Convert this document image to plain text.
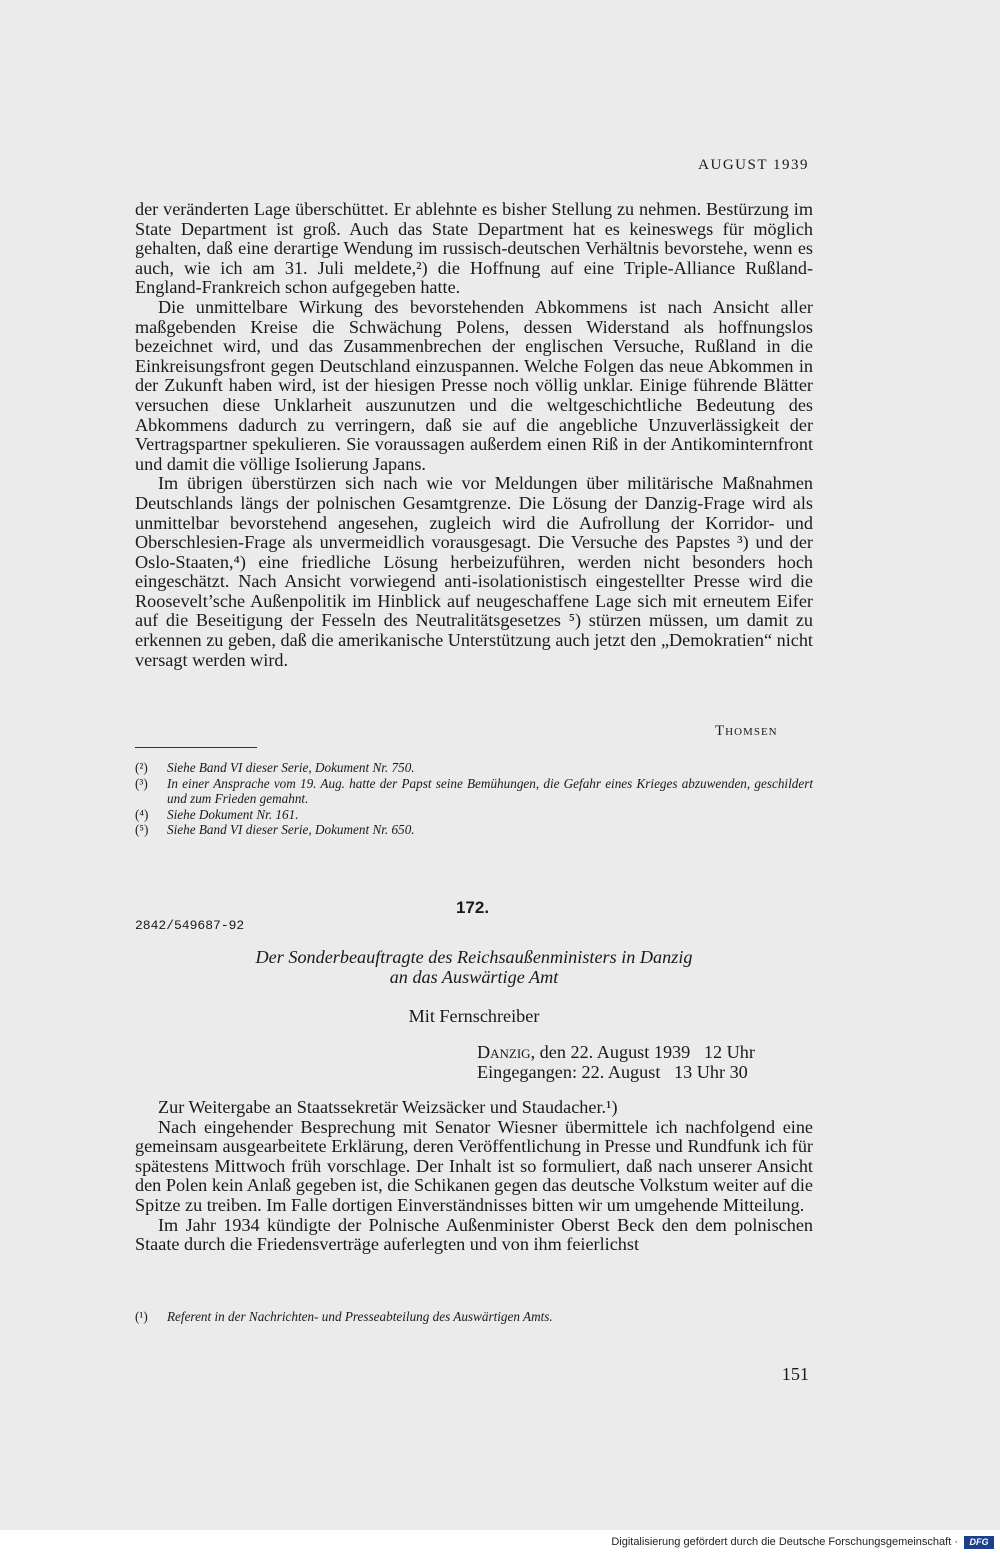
AUGUST 1939

der veränderten Lage überschüttet. Er ablehnte es bisher Stellung zu nehmen. Bestürzung im State Department ist groß. Auch das State Department hat es keineswegs für möglich gehalten, daß eine derartige Wendung im russisch-deutschen Verhältnis bevorstehe, wenn es auch, wie ich am 31. Juli meldete,²) die Hoffnung auf eine Triple-Alliance Rußland-England-Frankreich schon aufgegeben hatte.

Die unmittelbare Wirkung des bevorstehenden Abkommens ist nach Ansicht aller maßgebenden Kreise die Schwächung Polens, dessen Widerstand als hoffnungslos bezeichnet wird, und das Zusammenbrechen der englischen Versuche, Rußland in die Einkreisungsfront gegen Deutschland einzuspannen. Welche Folgen das neue Abkommen in der Zukunft haben wird, ist der hiesigen Presse noch völlig unklar. Einige führende Blätter versuchen diese Unklarheit auszunutzen und die weltgeschichtliche Bedeutung des Abkommens dadurch zu verringern, daß sie auf die angebliche Unzuverlässigkeit der Vertragspartner spekulieren. Sie voraussagen außerdem einen Riß in der Antikominternfront und damit die völlige Isolierung Japans.

Im übrigen überstürzen sich nach wie vor Meldungen über militärische Maßnahmen Deutschlands längs der polnischen Gesamtgrenze. Die Lösung der Danzig-Frage wird als unmittelbar bevorstehend angesehen, zugleich wird die Aufrollung der Korridor- und Oberschlesien-Frage als unvermeidlich vorausgesagt. Die Versuche des Papstes ³) und der Oslo-Staaten,⁴) eine friedliche Lösung herbeizuführen, werden nicht besonders hoch eingeschätzt. Nach Ansicht vorwiegend anti-isolationistisch eingestellter Presse wird die Roosevelt’sche Außenpolitik im Hinblick auf neugeschaffene Lage sich mit erneutem Eifer auf die Beseitigung der Fesseln des Neutralitätsgesetzes ⁵) stürzen müssen, um damit zu erkennen zu geben, daß die amerikanische Unterstützung auch jetzt den „Demokratien“ nicht versagt werden wird.

Thomsen
(²)	Siehe Band VI dieser Serie, Dokument Nr. 750.
(³)	In einer Ansprache vom 19. Aug. hatte der Papst seine Bemühungen, die Gefahr eines Krieges abzuwenden, geschildert und zum Frieden gemahnt.
(⁴)	Siehe Dokument Nr. 161.
(⁵)	Siehe Band VI dieser Serie, Dokument Nr. 650.
172.
2842/549687-92
Der Sonderbeauftragte des Reichsaußenministers in Danzig
an das Auswärtige Amt
Mit Fernschreiber
Danzig, den 22. August 1939   12 Uhr
Eingegangen: 22. August   13 Uhr 30

Zur Weitergabe an Staatssekretär Weizsäcker und Staudacher.¹)

Nach eingehender Besprechung mit Senator Wiesner übermittele ich nachfolgend eine gemeinsam ausgearbeitete Erklärung, deren Veröffentlichung in Presse und Rundfunk ich für spätestens Mittwoch früh vorschlage. Der Inhalt ist so formuliert, daß nach unserer Ansicht den Polen kein Anlaß gegeben ist, die Schikanen gegen das deutsche Volkstum weiter auf die Spitze zu treiben. Im Falle dortigen Einverständnisses bitten wir um umgehende Mitteilung.

Im Jahr 1934 kündigte der Polnische Außenminister Oberst Beck den dem polnischen Staate durch die Friedensverträge auferlegten und von ihm feierlichst

(¹)	Referent in der Nachrichten- und Presseabteilung des Auswärtigen Amts.
151
Digitalisierung gefördert durch die Deutsche Forschungsgemeinschaft ·	DFG
